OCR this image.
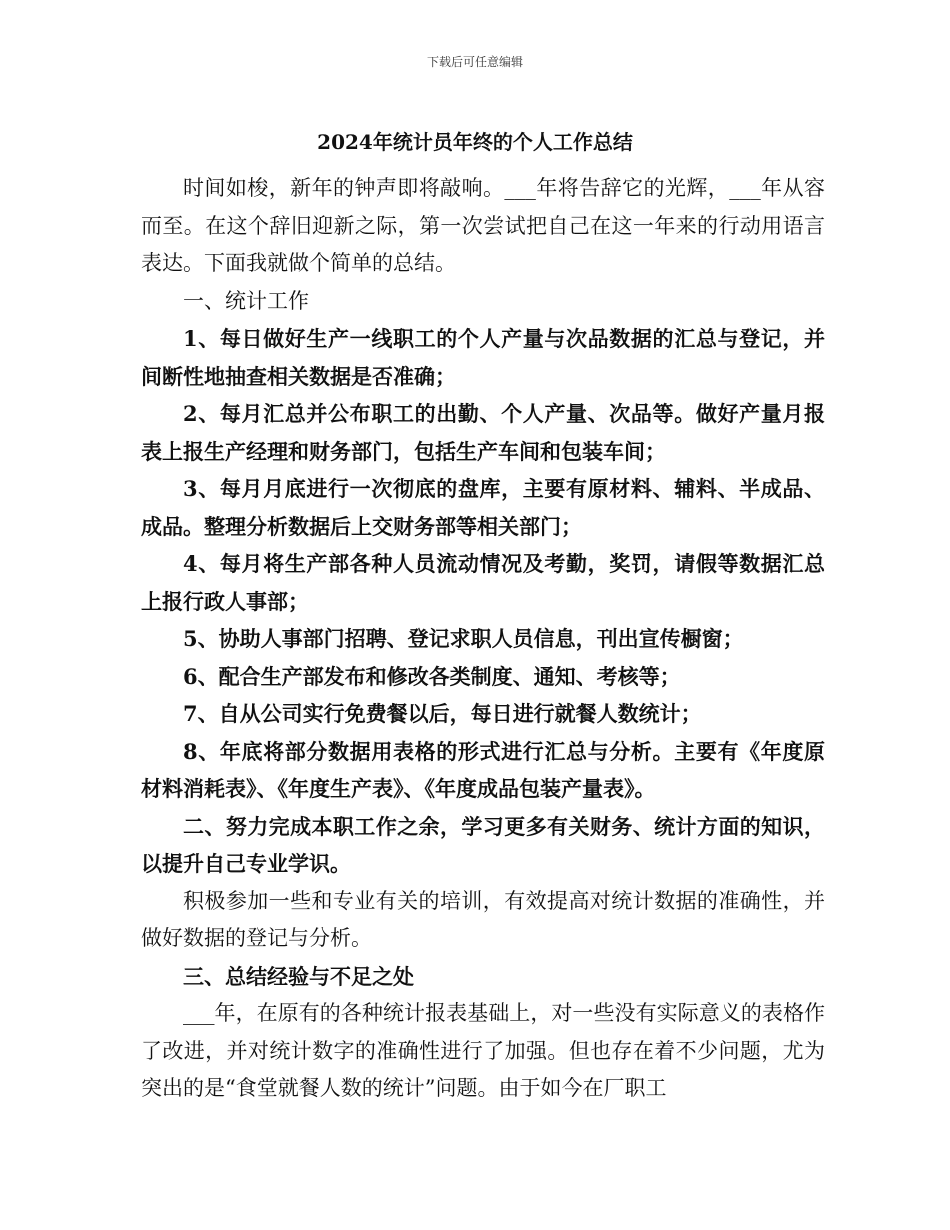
下载后可任意编辑
2024年统计员年终的个人工作总结

时间如梭，新年的钟声即将敲响。___年将告辞它的光辉，___年从容而至。在这个辞旧迎新之际，第一次尝试把自己在这一年来的行动用语言表达。下面我就做个简单的总结。

一、统计工作

1、每日做好生产一线职工的个人产量与次品数据的汇总与登记，并间断性地抽查相关数据是否准确；

2、每月汇总并公布职工的出勤、个人产量、次品等。做好产量月报表上报生产经理和财务部门，包括生产车间和包装车间；

3、每月月底进行一次彻底的盘库，主要有原材料、辅料、半成品、成品。整理分析数据后上交财务部等相关部门；

4、每月将生产部各种人员流动情况及考勤，奖罚，请假等数据汇总上报行政人事部；

5、协助人事部门招聘、登记求职人员信息，刊出宣传橱窗；

6、配合生产部发布和修改各类制度、通知、考核等；

7、自从公司实行免费餐以后，每日进行就餐人数统计；

8、年底将部分数据用表格的形式进行汇总与分析。主要有《年度原材料消耗表》、《年度生产表》、《年度成品包装产量表》。

二、努力完成本职工作之余，学习更多有关财务、统计方面的知识，以提升自己专业学识。

积极参加一些和专业有关的培训，有效提高对统计数据的准确性，并做好数据的登记与分析。

三、总结经验与不足之处

___年，在原有的各种统计报表基础上，对一些没有实际意义的表格作了改进，并对统计数字的准确性进行了加强。但也存在着不少问题，尤为突出的是“食堂就餐人数的统计”问题。由于如今在厂职工
